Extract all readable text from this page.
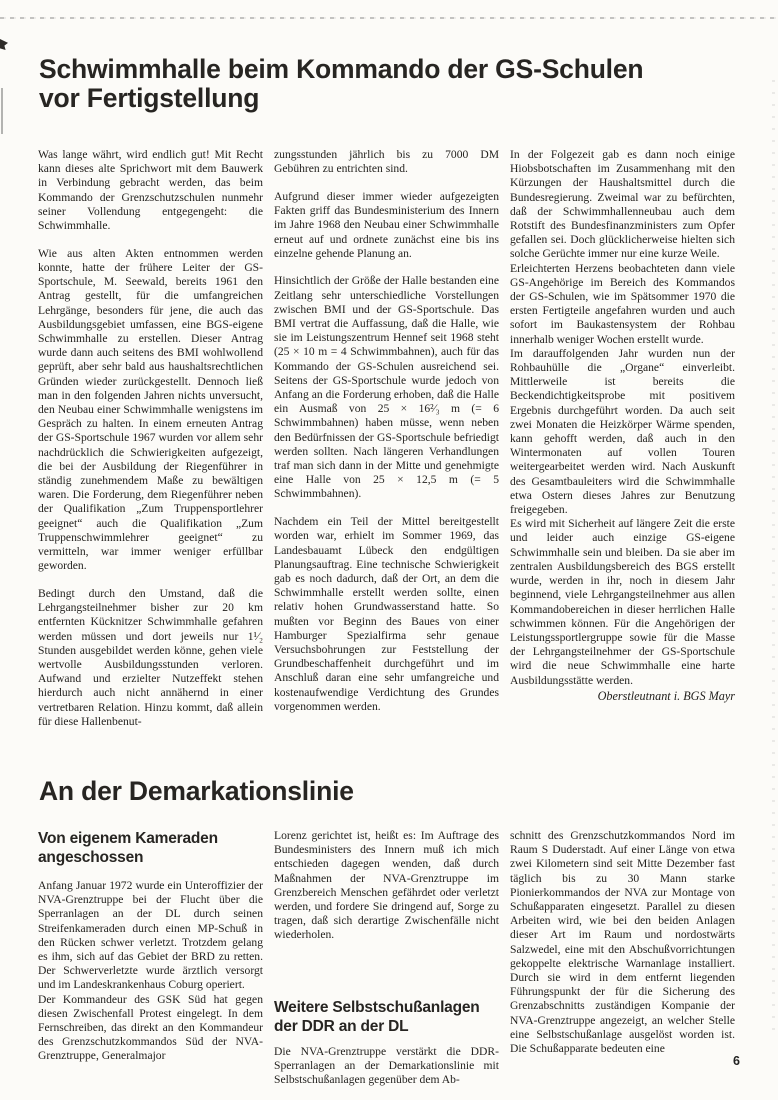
Schwimmhalle beim Kommando der GS-Schulen
vor Fertigstellung

Was lange währt, wird endlich gut! Mit Recht kann dieses alte Sprichwort mit dem Bauwerk in Verbindung gebracht werden, das beim Kommando der Grenzschutzschulen nunmehr seiner Vollendung entgegengeht: die Schwimmhalle.

Wie aus alten Akten entnommen werden konnte, hatte der frühere Leiter der GS-Sportschule, M. Seewald, bereits 1961 den Antrag gestellt, für die umfangreichen Lehrgänge, besonders für jene, die auch das Ausbildungsgebiet umfassen, eine BGS-eigene Schwimmhalle zu erstellen. Dieser Antrag wurde dann auch seitens des BMI wohlwollend geprüft, aber sehr bald aus haushaltsrechtlichen Gründen wieder zurückgestellt. Dennoch ließ man in den folgenden Jahren nichts unversucht, den Neubau einer Schwimmhalle wenigstens im Gespräch zu halten. In einem erneuten Antrag der GS-Sportschule 1967 wurden vor allem sehr nachdrücklich die Schwierigkeiten aufgezeigt, die bei der Ausbildung der Riegenführer in ständig zunehmendem Maße zu bewältigen waren. Die Forderung, dem Riegenführer neben der Qualifikation „Zum Truppensportlehrer geeignet“ auch die Qualifikation „Zum Truppenschwimmlehrer geeignet“ zu vermitteln, war immer weniger erfüllbar geworden.

Bedingt durch den Umstand, daß die Lehrgangsteilnehmer bisher zur 20 km entfernten Kücknitzer Schwimmhalle gefahren werden müssen und dort jeweils nur 1¹⁄₂ Stunden ausgebildet werden könne, gehen viele wertvolle Ausbildungsstunden verloren. Aufwand und erzielter Nutzeffekt stehen hierdurch auch nicht annähernd in einer vertretbaren Relation. Hinzu kommt, daß allein für diese Hallenbenut-

zungsstunden jährlich bis zu 7000 DM Gebühren zu entrichten sind.

Aufgrund dieser immer wieder aufgezeigten Fakten griff das Bundesministerium des Innern im Jahre 1968 den Neubau einer Schwimmhalle erneut auf und ordnete zunächst eine bis ins einzelne gehende Planung an.

Hinsichtlich der Größe der Halle bestanden eine Zeitlang sehr unterschiedliche Vorstellungen zwischen BMI und der GS-Sportschule. Das BMI vertrat die Auffassung, daß die Halle, wie sie im Leistungszentrum Hennef seit 1968 steht (25 × 10 m = 4 Schwimmbahnen), auch für das Kommando der GS-Schulen ausreichend sei. Seitens der GS-Sportschule wurde jedoch von Anfang an die Forderung erhoben, daß die Halle ein Ausmaß von 25 × 16²⁄₃ m (= 6 Schwimmbahnen) haben müsse, wenn neben den Bedürfnissen der GS-Sportschule befriedigt werden sollten. Nach längeren Verhandlungen traf man sich dann in der Mitte und genehmigte eine Halle von 25 × 12,5 m (= 5 Schwimmbahnen).

Nachdem ein Teil der Mittel bereitgestellt worden war, erhielt im Sommer 1969, das Landesbauamt Lübeck den endgültigen Planungsauftrag. Eine technische Schwierigkeit gab es noch dadurch, daß der Ort, an dem die Schwimmhalle erstellt werden sollte, einen relativ hohen Grundwasserstand hatte. So mußten vor Beginn des Baues von einer Hamburger Spezialfirma sehr genaue Versuchsbohrungen zur Feststellung der Grundbeschaffenheit durchgeführt und im Anschluß daran eine sehr umfangreiche und kostenaufwendige Verdichtung des Grundes vorgenommen werden.

In der Folgezeit gab es dann noch einige Hiobsbotschaften im Zusammenhang mit den Kürzungen der Haushaltsmittel durch die Bundesregierung. Zweimal war zu befürchten, daß der Schwimmhallenneubau auch dem Rotstift des Bundesfinanzministers zum Opfer gefallen sei. Doch glücklicherweise hielten sich solche Gerüchte immer nur eine kurze Weile.

Erleichterten Herzens beobachteten dann viele GS-Angehörige im Bereich des Kommandos der GS-Schulen, wie im Spätsommer 1970 die ersten Fertigteile angefahren wurden und auch sofort im Baukastensystem der Rohbau innerhalb weniger Wochen erstellt wurde.

Im darauffolgenden Jahr wurden nun der Rohbauhülle die „Organe“ einverleibt. Mittlerweile ist bereits die Beckendichtigkeitsprobe mit positivem Ergebnis durchgeführt worden. Da auch seit zwei Monaten die Heizkörper Wärme spenden, kann gehofft werden, daß auch in den Wintermonaten auf vollen Touren weitergearbeitet werden wird. Nach Auskunft des Gesamtbauleiters wird die Schwimmhalle etwa Ostern dieses Jahres zur Benutzung freigegeben.

Es wird mit Sicherheit auf längere Zeit die erste und leider auch einzige GS-eigene Schwimmhalle sein und bleiben. Da sie aber im zentralen Ausbildungsbereich des BGS erstellt wurde, werden in ihr, noch in diesem Jahr beginnend, viele Lehrgangsteilnehmer aus allen Kommandobereichen in dieser herrlichen Halle schwimmen können. Für die Angehörigen der Leistungssportlergruppe sowie für die Masse der Lehrgangsteilnehmer der GS-Sportschule wird die neue Schwimmhalle eine harte Ausbildungsstätte werden.

Oberstleutnant i. BGS Mayr

An der Demarkationslinie
Von eigenem Kameraden angeschossen

Anfang Januar 1972 wurde ein Unteroffizier der NVA-Grenztruppe bei der Flucht über die Sperranlagen an der DL durch seinen Streifenkameraden durch einen MP-Schuß in den Rücken schwer verletzt. Trotzdem gelang es ihm, sich auf das Gebiet der BRD zu retten. Der Schwerverletzte wurde ärztlich versorgt und im Landeskrankenhaus Coburg operiert.

Der Kommandeur des GSK Süd hat gegen diesen Zwischenfall Protest eingelegt. In dem Fernschreiben, das direkt an den Kommandeur des Grenzschutzkommandos Süd der NVA-Grenztruppe, Generalmajor

Lorenz gerichtet ist, heißt es: Im Auftrage des Bundesministers des Innern muß ich mich entschieden dagegen wenden, daß durch Maßnahmen der NVA-Grenztruppe im Grenzbereich Menschen gefährdet oder verletzt werden, und fordere Sie dringend auf, Sorge zu tragen, daß sich derartige Zwischenfälle nicht wiederholen.

Weitere Selbstschußanlagen der DDR an der DL

Die NVA-Grenztruppe verstärkt die DDR-Sperranlagen an der Demarkationslinie mit Selbstschußanlagen gegenüber dem Ab-

schnitt des Grenzschutzkommandos Nord im Raum S Duderstadt. Auf einer Länge von etwa zwei Kilometern sind seit Mitte Dezember fast täglich bis zu 30 Mann starke Pionierkommandos der NVA zur Montage von Schußapparaten eingesetzt. Parallel zu diesen Arbeiten wird, wie bei den beiden Anlagen dieser Art im Raum und nordostwärts Salzwedel, eine mit den Abschußvorrichtungen gekoppelte elektrische Warnanlage installiert. Durch sie wird in dem entfernt liegenden Führungspunkt der für die Sicherung des Grenzabschnitts zuständigen Kompanie der NVA-Grenztruppe angezeigt, an welcher Stelle eine Selbstschußanlage ausgelöst worden ist. Die Schußapparate bedeuten eine

6
